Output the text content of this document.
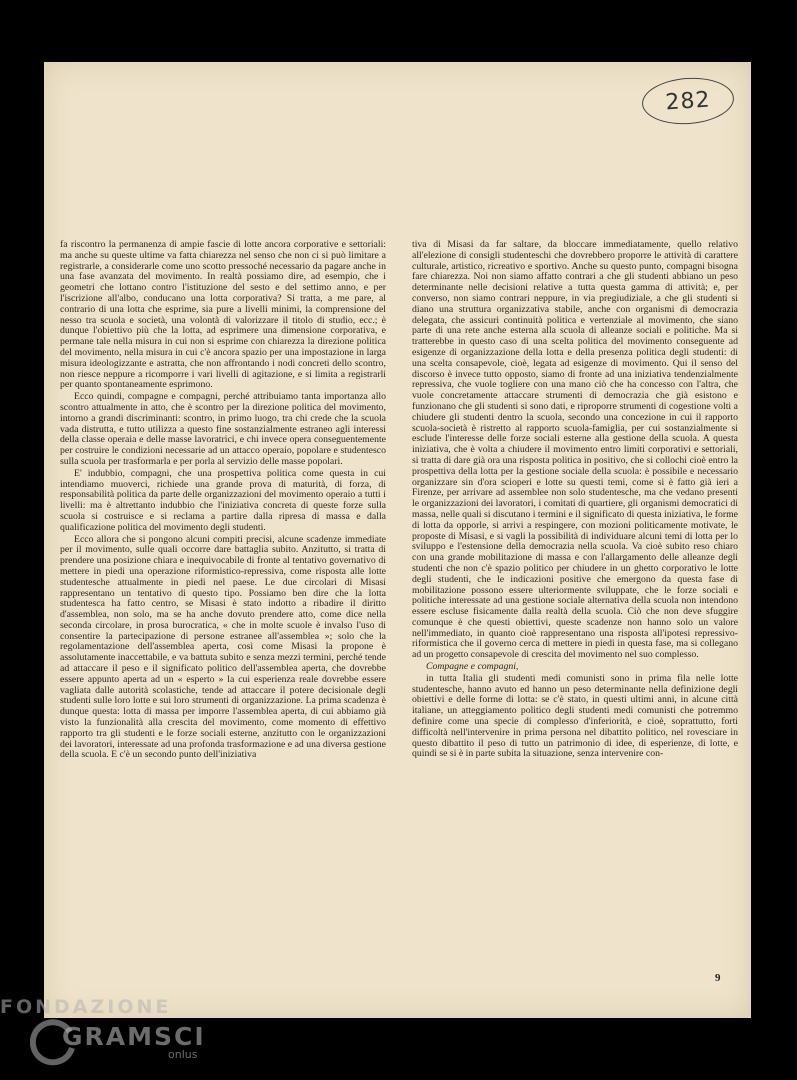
282

fa riscontro la permanenza di ampie fascie di lotte ancora corporative e settoriali: ma anche su queste ultime va fatta chiarezza nel senso che non ci si può limitare a registrarle, a considerarle come uno scotto pressoché necessario da pagare anche in una fase avanzata del movimento. In realtà possiamo dire, ad esempio, che i geometri che lottano contro l'istituzione del sesto e del settimo anno, e per l'iscrizione all'albo, conducano una lotta corporativa? Si tratta, a me pare, al contrario di una lotta che esprime, sia pure a livelli minimi, la comprensione del nesso tra scuola e società, una volontà di valorizzare il titolo di studio, ecc.; è dunque l'obiettivo più che la lotta, ad esprimere una dimensione corporativa, e permane tale nella misura in cui non si esprime con chiarezza la direzione politica del movimento, nella misura in cui c'è ancora spazio per una impostazione in larga misura ideologizzante e astratta, che non affrontando i nodi concreti dello scontro, non riesce neppure a ricomporre i vari livelli di agitazione, e si limita a registrarli per quanto spontaneamente esprimono.

Ecco quindi, compagne e compagni, perché attribuiamo tanta importanza allo scontro attualmente in atto, che è scontro per la direzione politica del movimento, intorno a grandi discriminanti: scontro, in primo luogo, tra chi crede che la scuola vada distrutta, e tutto utilizza a questo fine sostanzialmente estraneo agli interessi della classe operaia e delle masse lavoratrici, e chi invece opera conseguentemente per costruire le condizioni necessarie ad un attacco operaio, popolare e studentesco sulla scuola per trasformarla e per porla al servizio delle masse popolari.

E' indubbio, compagni, che una prospettiva politica come questa in cui intendiamo muoverci, richiede una grande prova di maturità, di forza, di responsabilità politica da parte delle organizzazioni del movimento operaio a tutti i livelli: ma è altrettanto indubbio che l'iniziativa concreta di queste forze sulla scuola si costruisce e si reclama a partire dalla ripresa di massa e dalla qualificazione politica del movimento degli studenti.

Ecco allora che si pongono alcuni compiti precisi, alcune scadenze immediate per il movimento, sulle quali occorre dare battaglia subito. Anzitutto, si tratta di prendere una posizione chiara e inequivocabile di fronte al tentativo governativo di mettere in piedi una operazione riformistico-repressiva, come risposta alle lotte studentesche attualmente in piedi nel paese. Le due circolari di Misasi rappresentano un tentativo di questo tipo. Possiamo ben dire che la lotta studentesca ha fatto centro, se Misasi è stato indotto a ribadire il diritto d'assemblea, non solo, ma se ha anche dovuto prendere atto, come dice nella seconda circolare, in prosa burocratica, « che in molte scuole è invalso l'uso di consentire la partecipazione di persone estranee all'assemblea »; solo che la regolamentazione dell'assemblea aperta, così come Misasi la propone è assolutamente inaccettabile, e va battuta subito e senza mezzi termini, perché tende ad attaccare il peso e il significato politico dell'assemblea aperta, che dovrebbe essere appunto aperta ad un « esperto » la cui esperienza reale dovrebbe essere vagliata dalle autorità scolastiche, tende ad attaccare il potere decisionale degli studenti sulle loro lotte e sui loro strumenti di organizzazione. La prima scadenza è dunque questa: lotta di massa per imporre l'assemblea aperta, di cui abbiamo già visto la funzionalità alla crescita del movimento, come momento di effettivo rapporto tra gli studenti e le forze sociali esterne, anzitutto con le organizzazioni dei lavoratori, interessate ad una profonda trasformazione e ad una diversa gestione della scuola. E c'è un secondo punto dell'iniziativa

tiva di Misasi da far saltare, da bloccare immediatamente, quello relativo all'elezione di consigli studenteschi che dovrebbero proporre le attività di carattere culturale, artistico, ricreativo e sportivo. Anche su questo punto, compagni bisogna fare chiarezza. Noi non siamo affatto contrari a che gli studenti abbiano un peso determinante nelle decisioni relative a tutta questa gamma di attività; e, per converso, non siamo contrari neppure, in via pregiudiziale, a che gli studenti si diano una struttura organizzativa stabile, anche con organismi di democrazia delegata, che assicuri continuità politica e vertenziale al movimento, che siano parte di una rete anche esterna alla scuola di alleanze sociali e politiche. Ma si tratterebbe in questo caso di una scelta politica del movimento conseguente ad esigenze di organizzazione della lotta e della presenza politica degli studenti: di una scelta consapevole, cioè, legata ad esigenze di movimento. Qui il senso del discorso è invece tutto opposto, siamo di fronte ad una iniziativa tendenzialmente repressiva, che vuole togliere con una mano ciò che ha concesso con l'altra, che vuole concretamente attaccare strumenti di democrazia che già esistono e funzionano che gli studenti si sono dati, e riproporre strumenti di cogestione volti a chiudere gli studenti dentro la scuola, secondo una concezione in cui il rapporto scuola-società è ristretto al rapporto scuola-famiglia, per cui sostanzialmente si esclude l'interesse delle forze sociali esterne alla gestione della scuola. A questa iniziativa, che è volta a chiudere il movimento entro limiti corporativi e settoriali, si tratta di dare già ora una risposta politica in positivo, che si collochi cioè entro la prospettiva della lotta per la gestione sociale della scuola: è possibile e necessario organizzare sin d'ora scioperi e lotte su questi temi, come si è fatto già ieri a Firenze, per arrivare ad assemblee non solo studentesche, ma che vedano presenti le organizzazioni dei lavoratori, i comitati di quartiere, gli organismi democratici di massa, nelle quali si discutano i termini e il significato di questa iniziativa, le forme di lotta da opporle, si arrivi a respingere, con mozioni politicamente motivate, le proposte di Misasi, e si vagli la possibilità di individuare alcuni temi di lotta per lo sviluppo e l'estensione della democrazia nella scuola. Va cioè subito reso chiaro con una grande mobilitazione di massa e con l'allargamento delle alleanze degli studenti che non c'è spazio politico per chiudere in un ghetto corporativo le lotte degli studenti, che le indicazioni positive che emergono da questa fase di mobilitazione possono essere ulteriormente sviluppate, che le forze sociali e politiche interessate ad una gestione sociale alternativa della scuola non intendono essere escluse fisicamente dalla realtà della scuola. Ciò che non deve sfuggire comunque è che questi obiettivi, queste scadenze non hanno solo un valore nell'immediato, in quanto cioè rappresentano una risposta all'ipotesi repressivo-riformistica che il governo cerca di mettere in piedi in questa fase, ma si collegano ad un progetto consapevole di crescita del movimento nel suo complesso.

Compagne e compagni,

in tutta Italia gli studenti medi comunisti sono in prima fila nelle lotte studentesche, hanno avuto ed hanno un peso determinante nella definizione degli obiettivi e delle forme di lotta: se c'è stato, in questi ultimi anni, in alcune città italiane, un atteggiamento politico degli studenti medi comunisti che potremmo definire come una specie di complesso d'inferiorità, e cioè, soprattutto, forti difficoltà nell'intervenire in prima persona nel dibattito politico, nel rovesciare in questo dibattito il peso di tutto un patrimonio di idee, di esperienze, di lotte, e quindi se si è in parte subita la situazione, senza intervenire con-

9
FONDAZIONE
GRAMSCI
onlus
